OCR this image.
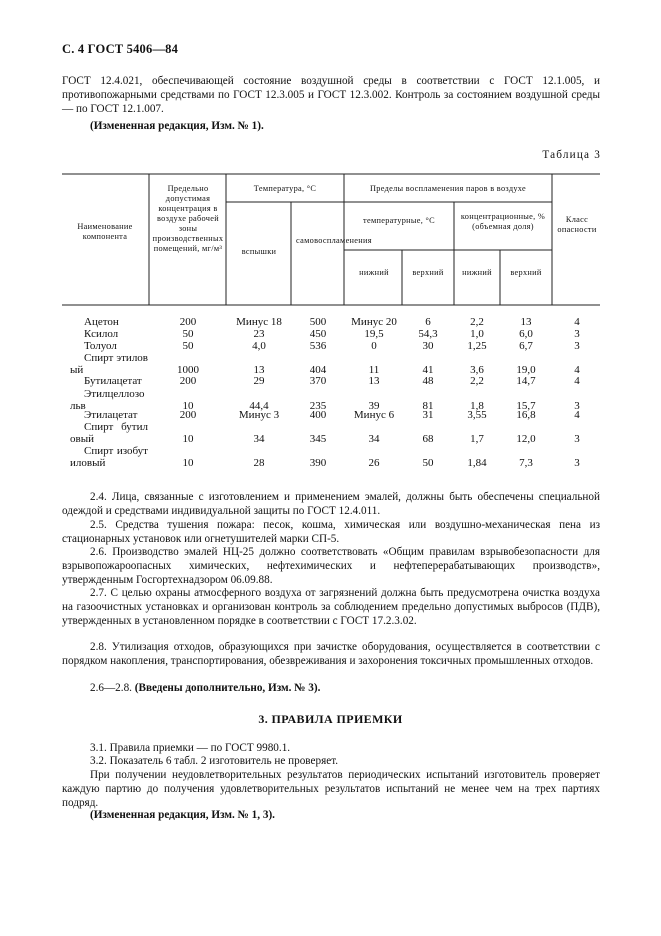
С. 4 ГОСТ 5406—84
ГОСТ 12.4.021, обеспечивающей состояние воздушной среды в соответствии с ГОСТ 12.1.005, и противопожарными средствами по ГОСТ 12.3.005 и ГОСТ 12.3.002. Контроль за состоянием воздушной среды — по ГОСТ 12.1.007.
(Измененная редакция, Изм. № 1).
Таблица 3
Наименование компонента
Предельно допустимая концентрация в воздухе рабочей зоны производственных помещений, мг/м³
Температура, °С
вспышки
самовоспламенения
Пределы воспламенения паров в воздухе
температурные, °С	концентрационные, % (объемная доля)
нижний	верхний	нижний	верхний
Класс опасности
Ацетон	200	Минус 18	500	Минус 20	6	2,2	13	4
Ксилол	50	23	450	19,5	54,3	1,0	6,0	3
Толуол	50	4,0	536	0	30	1,25	6,7	3
Спирт этиловый	1000	13	404	11	41	3,6	19,0	4
Бутилацетат	200	29	370	13	48	2,2	14,7	4
Этилцеллозольв	10	44,4	235	39	81	1,8	15,7	3
Этилацетат	200	Минус 3	400	Минус 6	31	3,55	16,8	4
Спирт бутиловый	10	34	345	34	68	1,7	12,0	3
Спирт изобутиловый	10	28	390	26	50	1,84	7,3	3
2.4. Лица, связанные с изготовлением и применением эмалей, должны быть обеспечены специальной одеждой и средствами индивидуальной защиты по ГОСТ 12.4.011.
2.5. Средства тушения пожара: песок, кошма, химическая или воздушно-механическая пена из стационарных установок или огнетушителей марки СП-5.
2.6. Производство эмалей НЦ-25 должно соответствовать «Общим правилам взрывобезопасности для взрывопожароопасных химических, нефтехимических и нефтеперерабатывающих производств», утвержденным Госгортехнадзором 06.09.88.
2.7. С целью охраны атмосферного воздуха от загрязнений должна быть предусмотрена очистка воздуха на газоочистных установках и организован контроль за соблюдением предельно допустимых выбросов (ПДВ), утвержденных в установленном порядке в соответствии с ГОСТ 17.2.3.02.
2.8. Утилизация отходов, образующихся при зачистке оборудования, осуществляется в соответствии с порядком накопления, транспортирования, обезвреживания и захоронения токсичных промышленных отходов.
2.6—2.8. (Введены дополнительно, Изм. № 3).
3. ПРАВИЛА ПРИЕМКИ
3.1. Правила приемки — по ГОСТ 9980.1.
3.2. Показатель 6 табл. 2 изготовитель не проверяет.
При получении неудовлетворительных результатов периодических испытаний изготовитель проверяет каждую партию до получения удовлетворительных результатов испытаний не менее чем на трех партиях подряд.
(Измененная редакция, Изм. № 1, 3).
